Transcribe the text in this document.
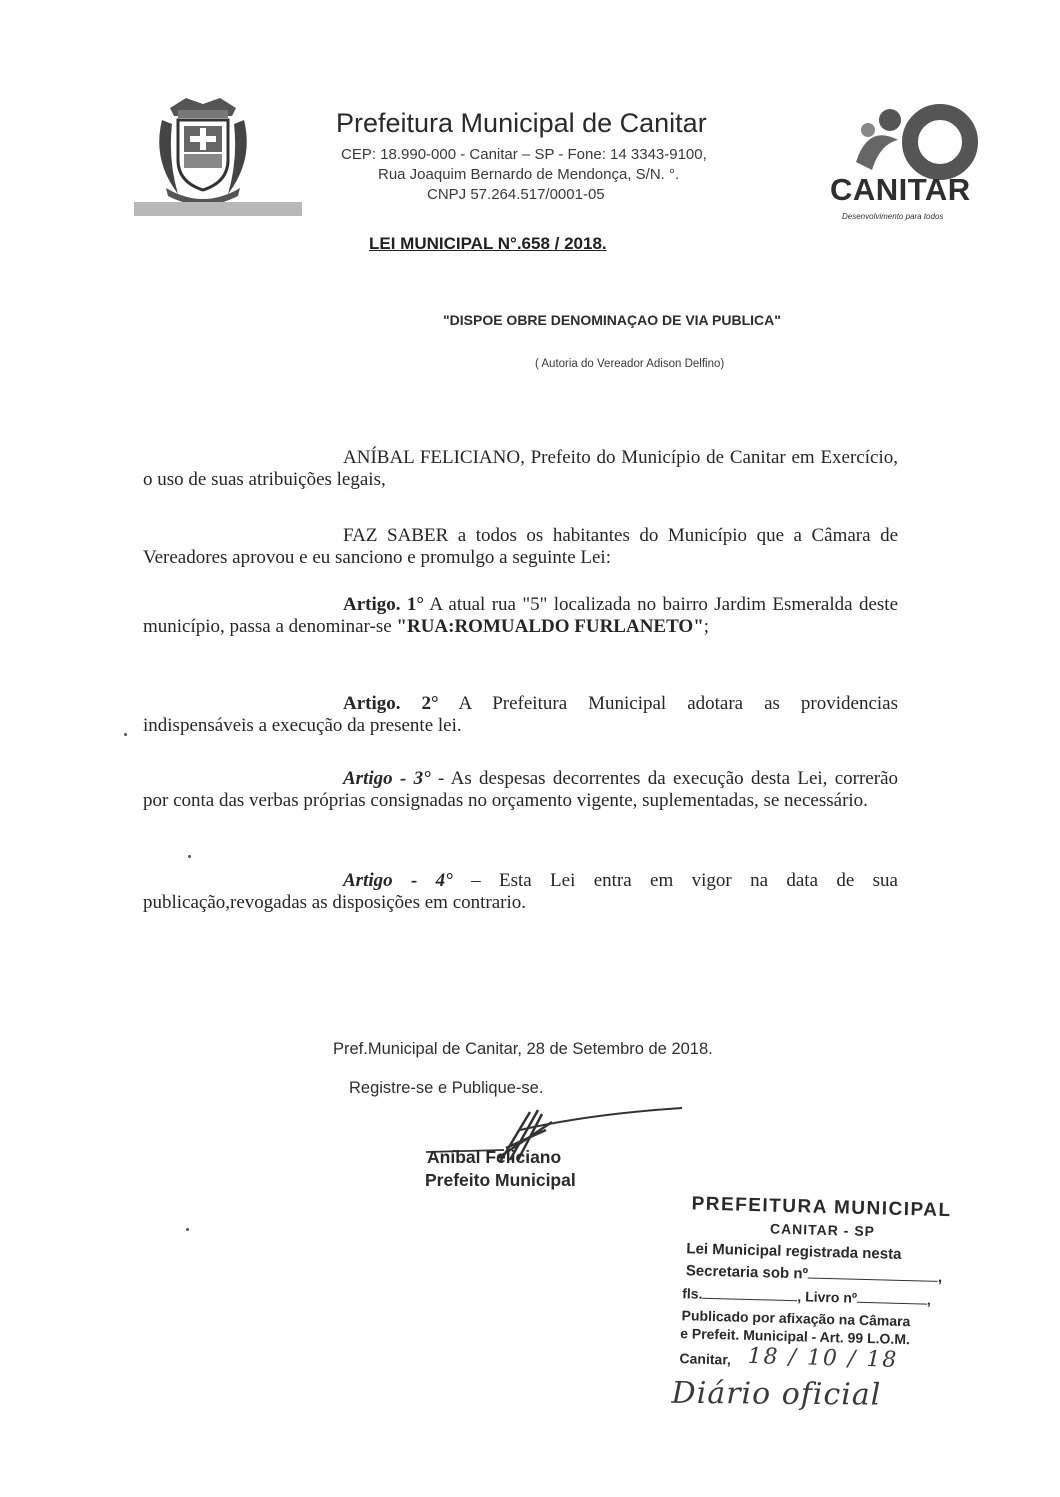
Prefeitura Municipal de Canitar
CEP: 18.990-000 - Canitar – SP - Fone: 14 3343-9100,
Rua Joaquim Bernardo de Mendonça, S/N. °.
CNPJ 57.264.517/0001-05	CANITAR
Desenvolvimento para todos
LEI MUNICIPAL N°.658 / 2018.
"DISPOE OBRE DENOMINAÇAO DE VIA PUBLICA"
( Autoria do Vereador Adison Delfino)
ANÍBAL FELICIANO, Prefeito do Município de Canitar em Exercício, o uso de suas atribuições legais,
FAZ SABER a todos os habitantes do Município que a Câmara de Vereadores aprovou e eu sanciono e promulgo a seguinte Lei:
Artigo. 1° A atual rua "5" localizada no bairro Jardim Esmeralda deste município, passa a denominar-se "RUA:ROMUALDO FURLANETO";
Artigo. 2° A Prefeitura Municipal adotara as providencias indispensáveis a execução da presente lei.
Artigo - 3° - As despesas decorrentes da execução desta Lei, correrão por conta das verbas próprias consignadas no orçamento vigente, suplementadas, se necessário.
Artigo - 4° – Esta Lei entra em vigor na data de sua publicação,revogadas as disposições em contrario.
Pref.Municipal de Canitar, 28 de Setembro de 2018.
Registre-se e Publique-se.
Aníbal Feliciano
Prefeito Municipal
PREFEITURA MUNICIPAL
CANITAR - SP
Lei Municipal registrada nesta
Secretaria sob nº	,
fls.	, Livro nº	,
Publicado por afixação na Câmara
e Prefeit. Municipal - Art. 99 L.O.M.
Canitar, 18 / 10 / 18
Diário oficial
